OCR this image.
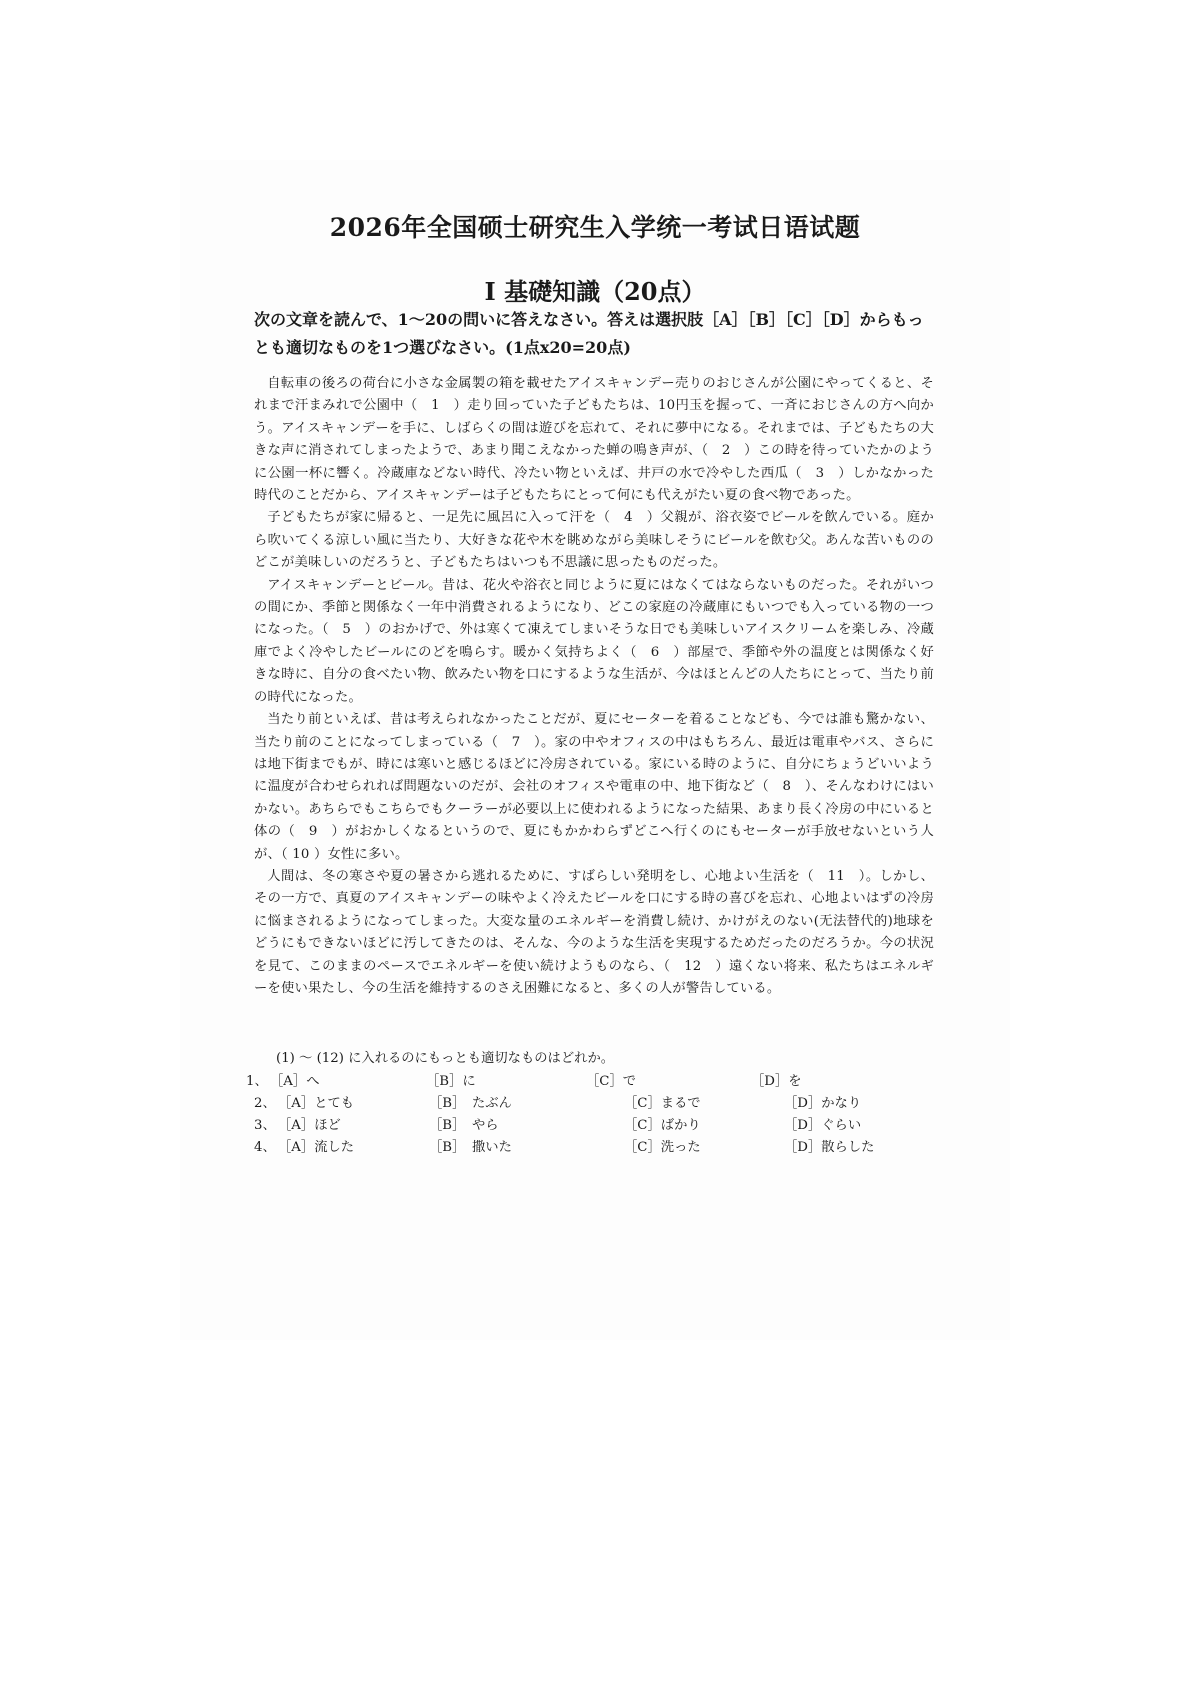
2026年全国硕士研究生入学统一考试日语试题
I 基礎知識（20点）

次の文章を読んで、1～20の問いに答えなさい。答えは選択肢［A］［B］［C］［D］からもっとも適切なものを1つ選びなさい。(1点x20=20点)

自転車の後ろの荷台に小さな金属製の箱を載せたアイスキャンデー売りのおじさんが公園にやってくると、それまで汗まみれで公園中（　1　）走り回っていた子どもたちは、10円玉を握って、一斉におじさんの方へ向かう。アイスキャンデーを手に、しばらくの間は遊びを忘れて、それに夢中になる。それまでは、子どもたちの大きな声に消されてしまったようで、あまり聞こえなかった蝉の鳴き声が、（　2　）この時を待っていたかのように公園一杯に響く。冷蔵庫などない時代、冷たい物といえば、井戸の水で冷やした西瓜（　3　）しかなかった時代のことだから、アイスキャンデーは子どもたちにとって何にも代えがたい夏の食べ物であった。

子どもたちが家に帰ると、一足先に風呂に入って汗を（　4　）父親が、浴衣姿でビールを飲んでいる。庭から吹いてくる涼しい風に当たり、大好きな花や木を眺めながら美味しそうにビールを飲む父。あんな苦いもののどこが美味しいのだろうと、子どもたちはいつも不思議に思ったものだった。

アイスキャンデーとビール。昔は、花火や浴衣と同じように夏にはなくてはならないものだった。それがいつの間にか、季節と関係なく一年中消費されるようになり、どこの家庭の冷蔵庫にもいつでも入っている物の一つになった。（　5　）のおかげで、外は寒くて凍えてしまいそうな日でも美味しいアイスクリームを楽しみ、冷蔵庫でよく冷やしたビールにのどを鳴らす。暖かく気持ちよく（　6　）部屋で、季節や外の温度とは関係なく好きな時に、自分の食べたい物、飲みたい物を口にするような生活が、今はほとんどの人たちにとって、当たり前の時代になった。

当たり前といえば、昔は考えられなかったことだが、夏にセーターを着ることなども、今では誰も驚かない、当たり前のことになってしまっている（　7　）。家の中やオフィスの中はもちろん、最近は電車やバス、さらには地下街までもが、時には寒いと感じるほどに冷房されている。家にいる時のように、自分にちょうどいいように温度が合わせられれば問題ないのだが、会社のオフィスや電車の中、地下街など（　8　）、そんなわけにはいかない。あちらでもこちらでもクーラーが必要以上に使われるようになった結果、あまり長く冷房の中にいると体の（　9　）がおかしくなるというので、夏にもかかわらずどこへ行くのにもセーターが手放せないという人が、（ 10 ）女性に多い。

人間は、冬の寒さや夏の暑さから逃れるために、すばらしい発明をし、心地よい生活を（　11　）。しかし、その一方で、真夏のアイスキャンデーの味やよく冷えたビールを口にする時の喜びを忘れ、心地よいはずの冷房に悩まされるようになってしまった。大変な量のエネルギーを消費し続け、かけがえのない(无法替代的)地球をどうにもできないほどに汚してきたのは、そんな、今のような生活を実現するためだったのだろうか。今の状況を見て、このままのペースでエネルギーを使い続けようものなら、（　12　）遠くない将来、私たちはエネルギーを使い果たし、今の生活を維持するのさえ困難になると、多くの人が警告している。

(1) ～ (12) に入れるのにもっとも適切なものはどれか。

1、 ［A］へ	［B］に	［C］で	［D］を
2、 ［A］とても	［B］　たぶん	［C］まるで	［D］かなり
3、 ［A］ほど	［B］　やら	［C］ばかり	［D］ぐらい
4、 ［A］流した	［B］　撒いた	［C］洗った	［D］散らした
